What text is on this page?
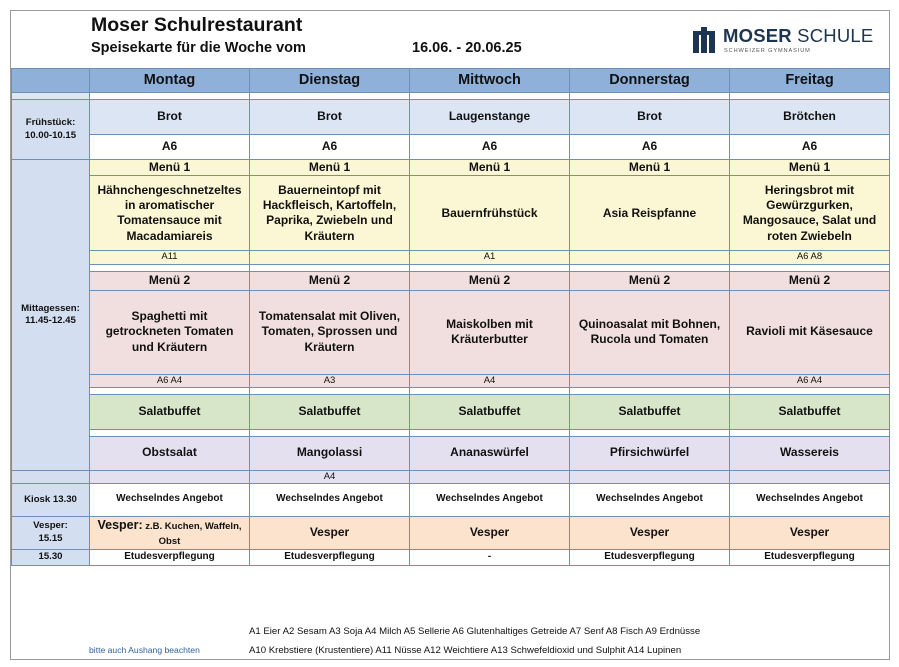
Moser Schulrestaurant
Speisekarte für die Woche vom	16.06. - 20.06.25
MOSER SCHULE
SCHWEIZER GYMNASIUM
	Montag	Dienstag	Mittwoch	Donnerstag	Freitag

Frühstück:
10.00-10.15	Brot	Brot	Laugenstange	Brot	Brötchen
	A6	A6	A6	A6	A6
Mittagessen:
11.45-12.45	Menü 1	Menü 1	Menü 1	Menü 1	Menü 1
	Hähnchengeschnetzeltes in aromatischer Tomatensauce mit Macadamiareis	Bauerneintopf mit Hackfleisch, Kartoffeln, Paprika, Zwiebeln und Kräutern	Bauernfrühstück	Asia Reispfanne	Heringsbrot mit Gewürzgurken, Mangosauce, Salat und roten Zwiebeln
	A11		A1		A6 A8

	Menü 2	Menü 2	Menü 2	Menü 2	Menü 2
	Spaghetti mit getrockneten Tomaten und Kräutern	Tomatensalat mit Oliven, Tomaten, Sprossen und Kräutern	Maiskolben mit Kräuterbutter	Quinoasalat mit Bohnen, Rucola und Tomaten	Ravioli mit Käsesauce
	A6 A4	A3	A4		A6 A4

	Salatbuffet	Salatbuffet	Salatbuffet	Salatbuffet	Salatbuffet

	Obstsalat	Mangolassi	Ananaswürfel	Pfirsichwürfel	Wassereis
		A4			
Kiosk 13.30	Wechselndes Angebot	Wechselndes Angebot	Wechselndes Angebot	Wechselndes Angebot	Wechselndes Angebot
Vesper:
15.15	Vesper: z.B. Kuchen, Waffeln, Obst	Vesper	Vesper	Vesper	Vesper
15.30	Etudesverpflegung	Etudesverpflegung	-	Etudesverpflegung	Etudesverpflegung
bitte auch Aushang beachten
A1 Eier A2 Sesam A3 Soja A4 Milch A5 Sellerie A6 Glutenhaltiges Getreide A7 Senf A8 Fisch A9 Erdnüsse
A10 Krebstiere (Krustentiere) A11 Nüsse A12 Weichtiere A13 Schwefeldioxid und Sulphit A14 Lupinen
